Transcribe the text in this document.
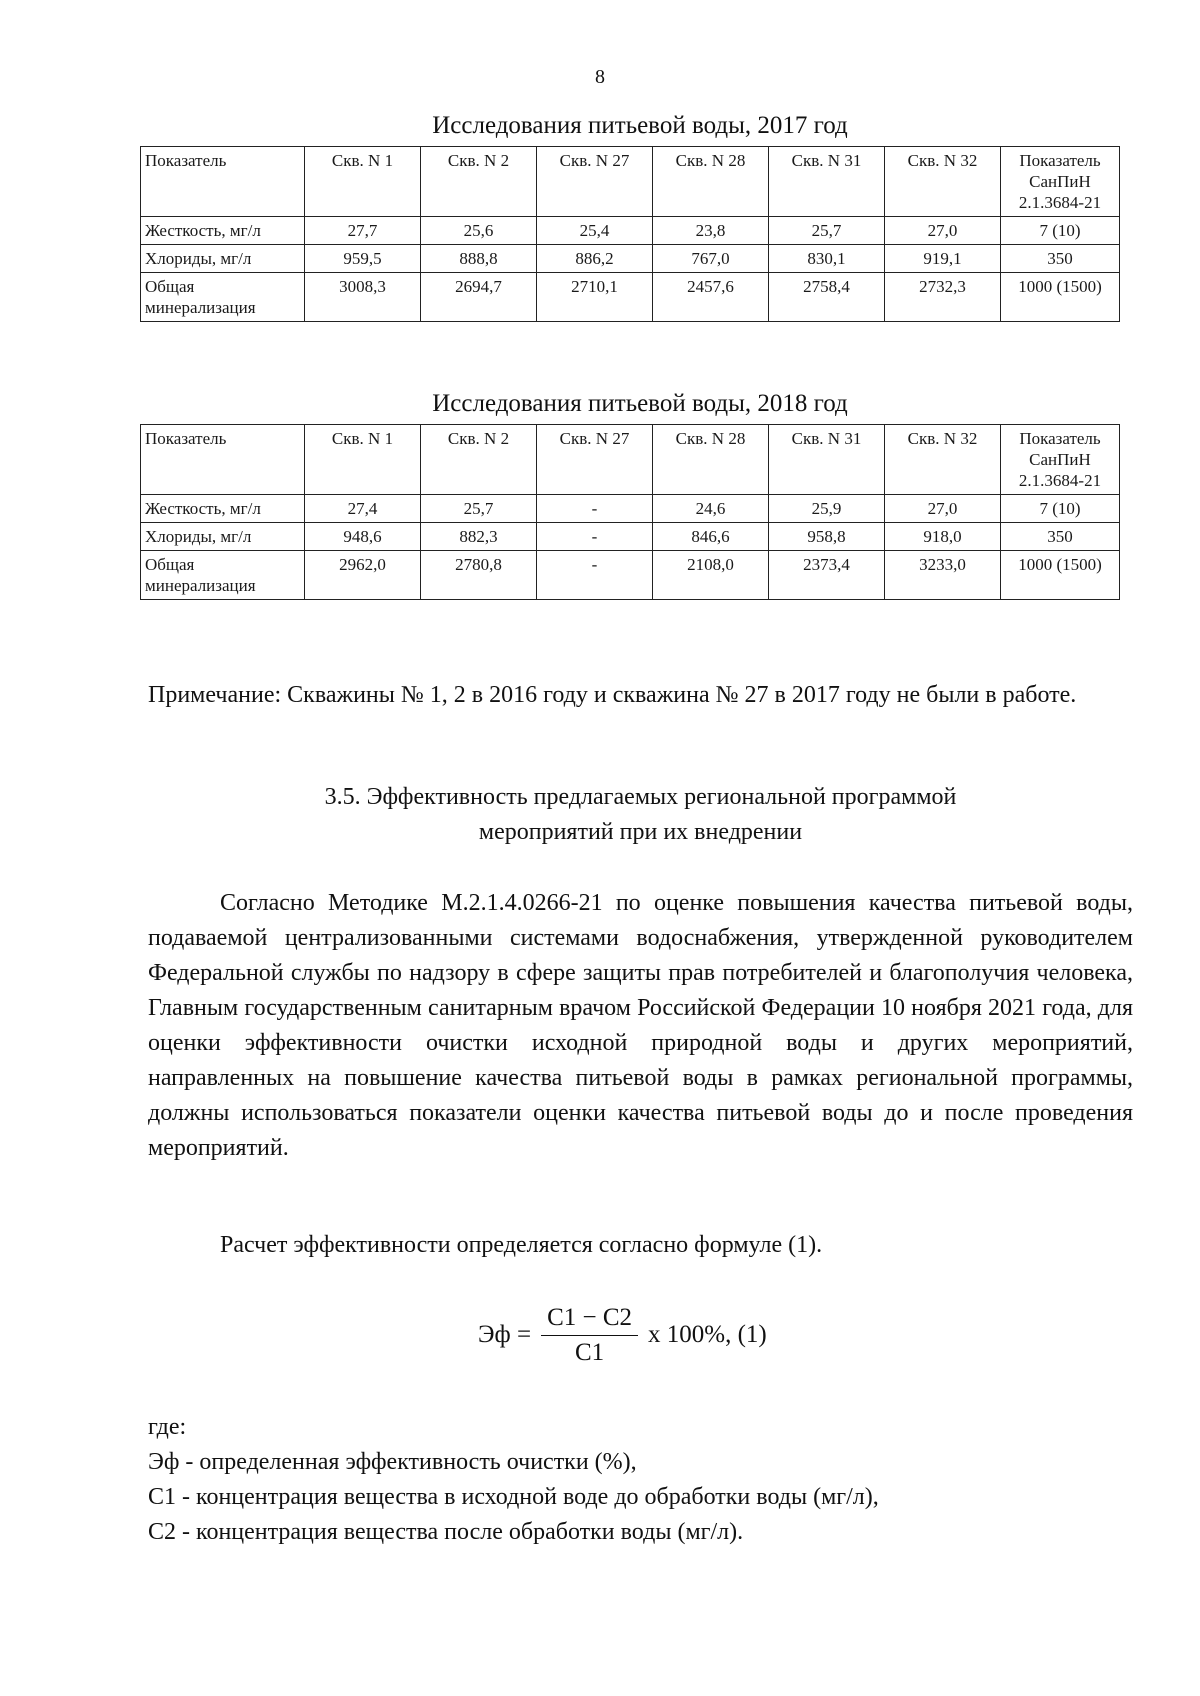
8
Исследования питьевой воды, 2017 год
Показатель	Скв. N 1	Скв. N 2	Скв. N 27	Скв. N 28	Скв. N 31	Скв. N 32	Показатель СанПиН 2.1.3684-21
Жесткость, мг/л	27,7	25,6	25,4	23,8	25,7	27,0	7 (10)
Хлориды, мг/л	959,5	888,8	886,2	767,0	830,1	919,1	350
Общая минерализация	3008,3	2694,7	2710,1	2457,6	2758,4	2732,3	1000 (1500)
Исследования питьевой воды, 2018 год
Показатель	Скв. N 1	Скв. N 2	Скв. N 27	Скв. N 28	Скв. N 31	Скв. N 32	Показатель СанПиН 2.1.3684-21
Жесткость, мг/л	27,4	25,7	-	24,6	25,9	27,0	7 (10)
Хлориды, мг/л	948,6	882,3	-	846,6	958,8	918,0	350
Общая минерализация	2962,0	2780,8	-	2108,0	2373,4	3233,0	1000 (1500)
Примечание: Скважины № 1, 2 в 2016 году и скважина № 27 в 2017 году не были в работе.
3.5. Эффективность предлагаемых региональной программой
мероприятий при их внедрении
Согласно Методике М.2.1.4.0266-21 по оценке повышения качества питьевой воды, подаваемой централизованными системами водоснабжения, утвержденной руководителем Федеральной службы по надзору в сфере защиты прав потребителей и благополучия человека, Главным государственным санитарным врачом Российской Федерации 10 ноября 2021 года, для оценки эффективности очистки исходной природной воды и других мероприятий, направленных на повышение качества питьевой воды в рамках региональной программы, должны использоваться показатели оценки качества питьевой воды до и после проведения мероприятий.
Расчет эффективности определяется согласно формуле (1).
Эф = $\frac{C1 - C2}{C1}$ x 100%, (1)
где:
Эф - определенная эффективность очистки (%),
С1 - концентрация вещества в исходной воде до обработки воды (мг/л),
С2 - концентрация вещества после обработки воды (мг/л).
